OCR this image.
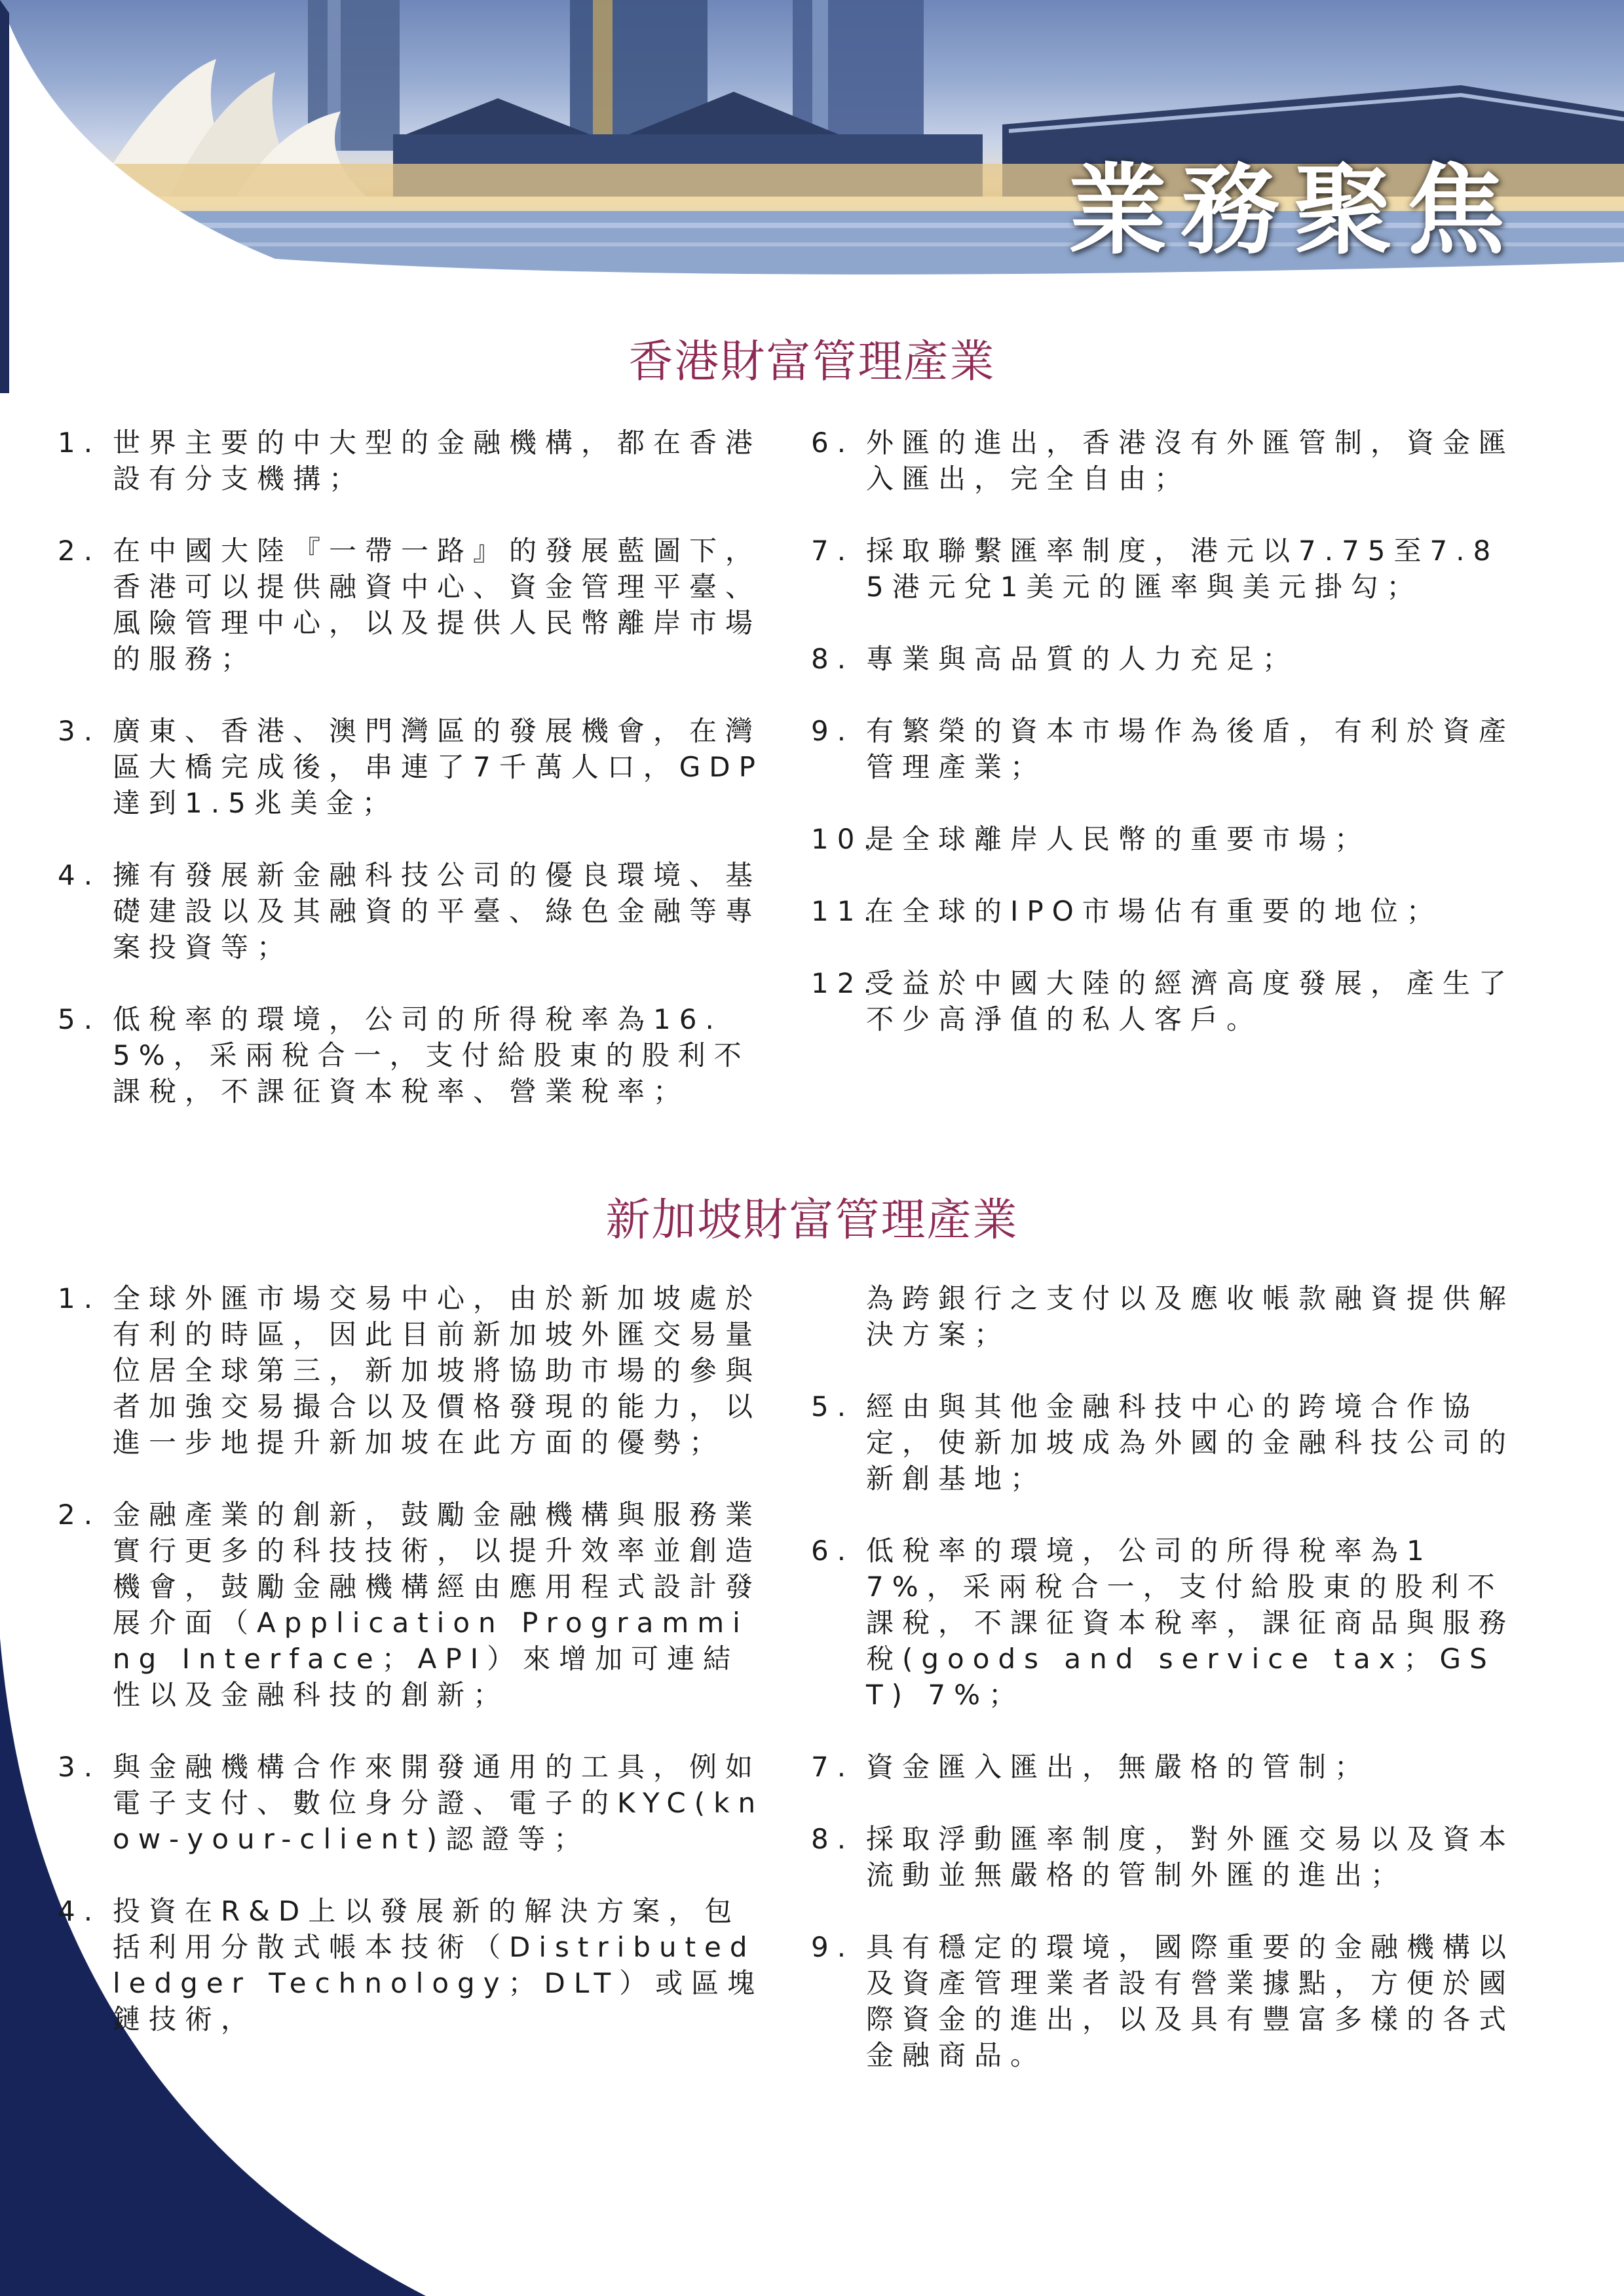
業務聚焦
香港財富管理產業

1. 世界主要的中大型的金融機構，都在香港設有分支機搆；

2. 在中國大陸『一帶一路』的發展藍圖下，香港可以提供融資中心、資金管理平臺、風險管理中心，以及提供人民幣離岸市場的服務；

3. 廣東、香港、澳門灣區的發展機會，在灣區大橋完成後，串連了7千萬人口，GDP達到1.5兆美金；

4. 擁有發展新金融科技公司的優良環境、基礎建設以及其融資的平臺、綠色金融等專案投資等；

5. 低稅率的環境，公司的所得稅率為16.5%，采兩稅合一，支付給股東的股利不課稅，不課征資本稅率、營業稅率；

6. 外匯的進出，香港沒有外匯管制，資金匯入匯出，完全自由；

7. 採取聯繫匯率制度，港元以7.75至7.85港元兌1美元的匯率與美元掛勾；

8. 專業與高品質的人力充足；

9. 有繁榮的資本市場作為後盾，有利於資產管理產業；

10.
是全球離岸人民幣的重要市場；

11.
在全球的IPO市場佔有重要的地位；

12.
受益於中國大陸的經濟高度發展，產生了不少高淨值的私人客戶。

新加坡財富管理產業

1. 全球外匯市場交易中心，由於新加坡處於有利的時區，因此目前新加坡外匯交易量位居全球第三，新加坡將協助市場的參與者加強交易撮合以及價格發現的能力，以進一步地提升新加坡在此方面的優勢；

2. 金融產業的創新，鼓勵金融機構與服務業實行更多的科技技術，以提升效率並創造機會，鼓勵金融機構經由應用程式設計發展介面（Application Programming Interface；API）來增加可連結性以及金融科技的創新；

3. 與金融機構合作來開發通用的工具，例如電子支付、數位身分證、電子的KYC(know-your-client)認證等；

4. 投資在R&D上以發展新的解決方案，包括利用分散式帳本技術（Distributed ledger Technology；DLT）或區塊鏈技術，

為跨銀行之支付以及應收帳款融資提供解決方案；

5. 經由與其他金融科技中心的跨境合作協定，使新加坡成為外國的金融科技公司的新創基地；

6. 低稅率的環境，公司的所得稅率為17%，采兩稅合一，支付給股東的股利不課稅，不課征資本稅率，課征商品與服務稅(goods and service tax；GST) 7%；

7. 資金匯入匯出，無嚴格的管制；

8. 採取浮動匯率制度，對外匯交易以及資本流動並無嚴格的管制外匯的進出；

9. 具有穩定的環境，國際重要的金融機構以及資產管理業者設有營業據點，方便於國際資金的進出，以及具有豐富多樣的各式金融商品。
